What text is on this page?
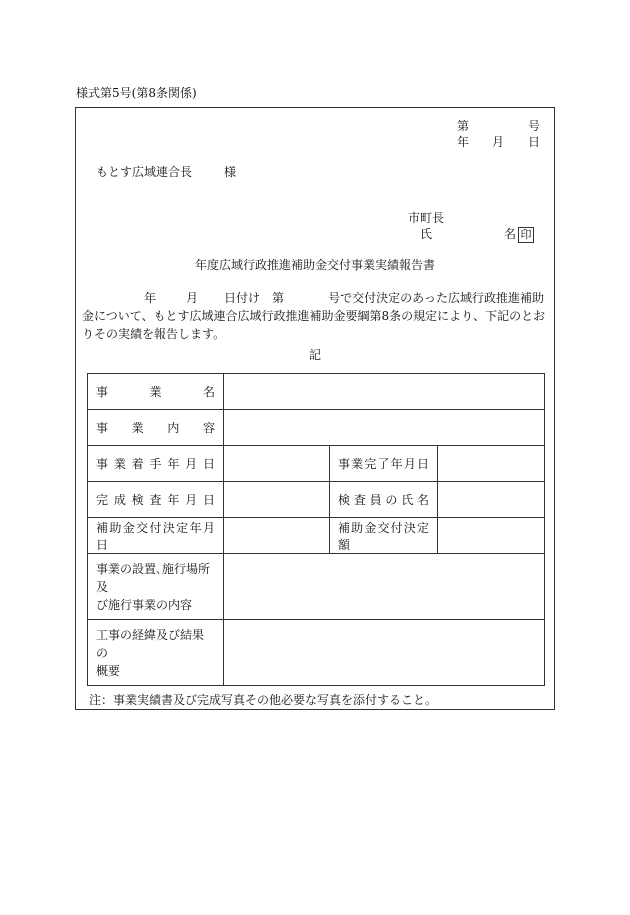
様式第5号(第8条関係)
第	号
年 月 日
もとす広域連合長	様
市町長
氏	名 印
年度広域行政推進補助金交付事業実績報告書
年	月 日付け 第	号で交付決定のあった広域行政推進補助金について、もとす広域連合広域行政推進補助金要綱第8条の規定により、下記のとおりその実績を報告します。
記
事業名			
事業内容			
事業着手年月日		事業完了年月日	
完成検査年月日		検査員の氏名	
補助金交付決定年月日		補助金交付決定額	
事業の設置､施行場所及
び施行事業の内容			
工事の経緯及び結果の
概要			
注：事業実績書及び完成写真その他必要な写真を添付すること。
